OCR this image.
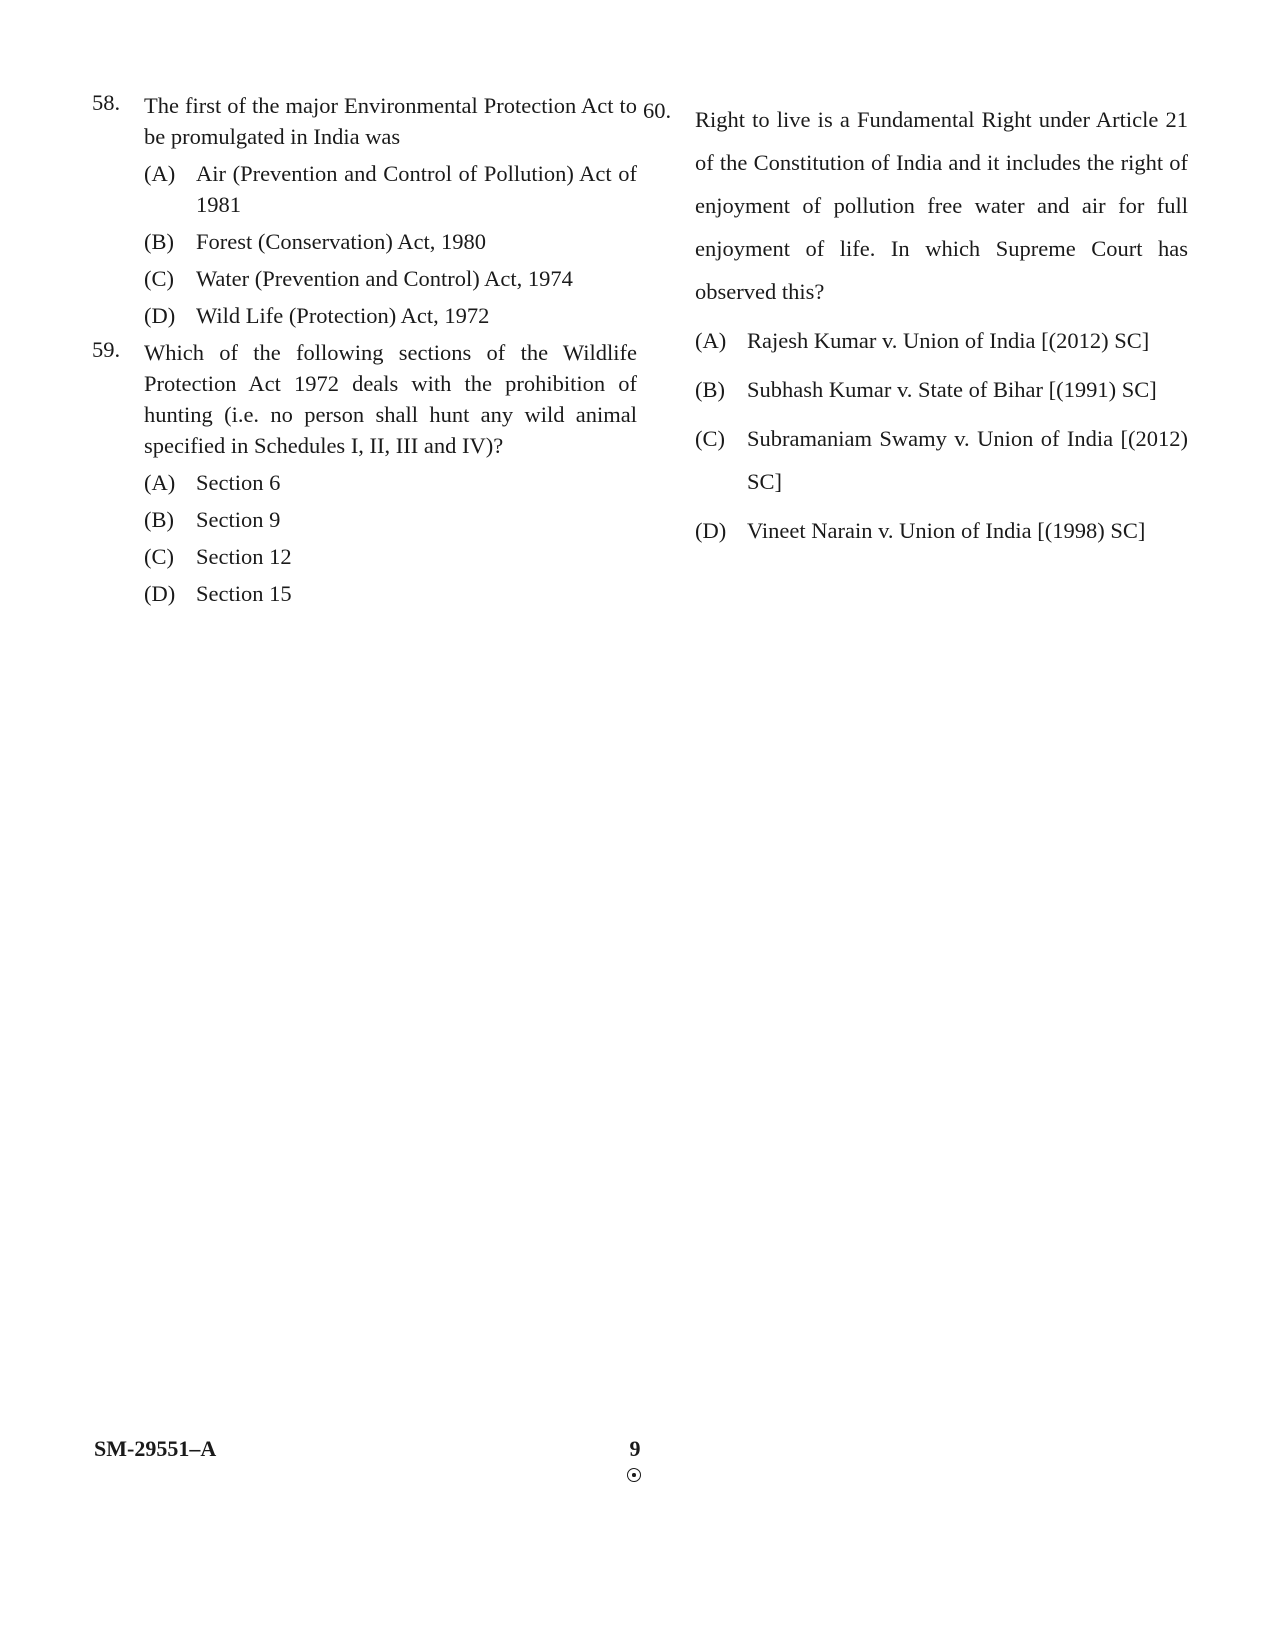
58. The first of the major Environmental Protection Act to be promulgated in India was
(A) Air (Prevention and Control of Pollution) Act of 1981
(B) Forest (Conservation) Act, 1980
(C) Water (Prevention and Control) Act, 1974
(D) Wild Life (Protection) Act, 1972
59. Which of the following sections of the Wildlife Protection Act 1972 deals with the prohibition of hunting (i.e. no person shall hunt any wild animal specified in Schedules I, II, III and IV)?
(A) Section 6
(B) Section 9
(C) Section 12
(D) Section 15
60. Right to live is a Fundamental Right under Article 21 of the Constitution of India and it includes the right of enjoyment of pollution free water and air for full enjoyment of life. In which Supreme Court has observed this?
(A) Rajesh Kumar v. Union of India [(2012) SC]
(B) Subhash Kumar v. State of Bihar [(1991) SC]
(C) Subramaniam Swamy v. Union of India [(2012) SC]
(D) Vineet Narain v. Union of India [(1998) SC]
SM-29551–A	9
